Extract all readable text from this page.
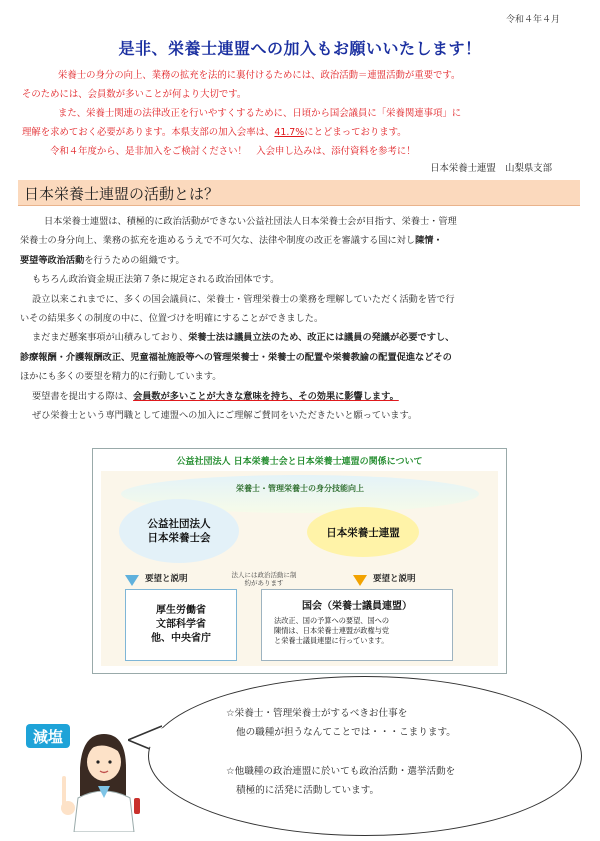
令和４年４月
是非、栄養士連盟への加入もお願いいたします！

栄養士の身分の向上、業務の拡充を法的に裏付けるためには、政治活動＝連盟活動が重要です。

そのためには、会員数が多いことが何より大切です。

また、栄養士関連の法律改正を行いやすくするために、日頃から国会議員に「栄養関連事項」に

理解を求めておく必要があります。本県支部の加入会率は、41.7%にとどまっております。

令和４年度から、是非加入をご検討ください！　入会申し込みは、添付資料を参考に！

日本栄養士連盟　山梨県支部
日本栄養士連盟の活動とは？

日本栄養士連盟は、積極的に政治活動ができない公益社団法人日本栄養士会が目指す、栄養士・管理

栄養士の身分向上、業務の拡充を進めるうえで不可欠な、法律や制度の改正を審議する国に対し陳情・

要望等政治活動を行うための組織です。

もちろん政治資金規正法第７条に規定される政治団体です。

設立以来これまでに、多くの国会議員に、栄養士・管理栄養士の業務を理解していただく活動を皆で行

いその結果多くの制度の中に、位置づけを明確にすることができました。

まだまだ懸案事項が山積みしており、栄養士法は議員立法のため、改正には議員の発議が必要ですし、

診療報酬・介護報酬改正、児童福祉施設等への管理栄養士・栄養士の配置や栄養教諭の配置促進などその

ほかにも多くの要望を精力的に行動しています。

要望書を提出する際は、会員数が多いことが大きな意味を持ち、その効果に影響します。

ぜひ栄養士という専門職として連盟への加入にご理解ご賛同をいただきたいと願っています。

公益社団法人 日本栄養士会と日本栄養士連盟の関係について
栄養士・管理栄養士の身分技能向上
公益社団法人
日本栄養士会	日本栄養士連盟
要望と説明	法人には政治活動に制約があります	要望と説明
厚生労働省
文部科学省
他、中央省庁
国会（栄養士議員連盟）
法改正、国の予算への要望、国への
陳情は、日本栄養士連盟が政権与党
と栄養士議員連盟に行っています。
減塩

☆栄養士・管理栄養士がするべきお仕事を

他の職種が担うなんてことでは・・・こまります。

☆他職種の政治連盟に於いても政治活動・選挙活動を

積極的に活発に活動しています。
